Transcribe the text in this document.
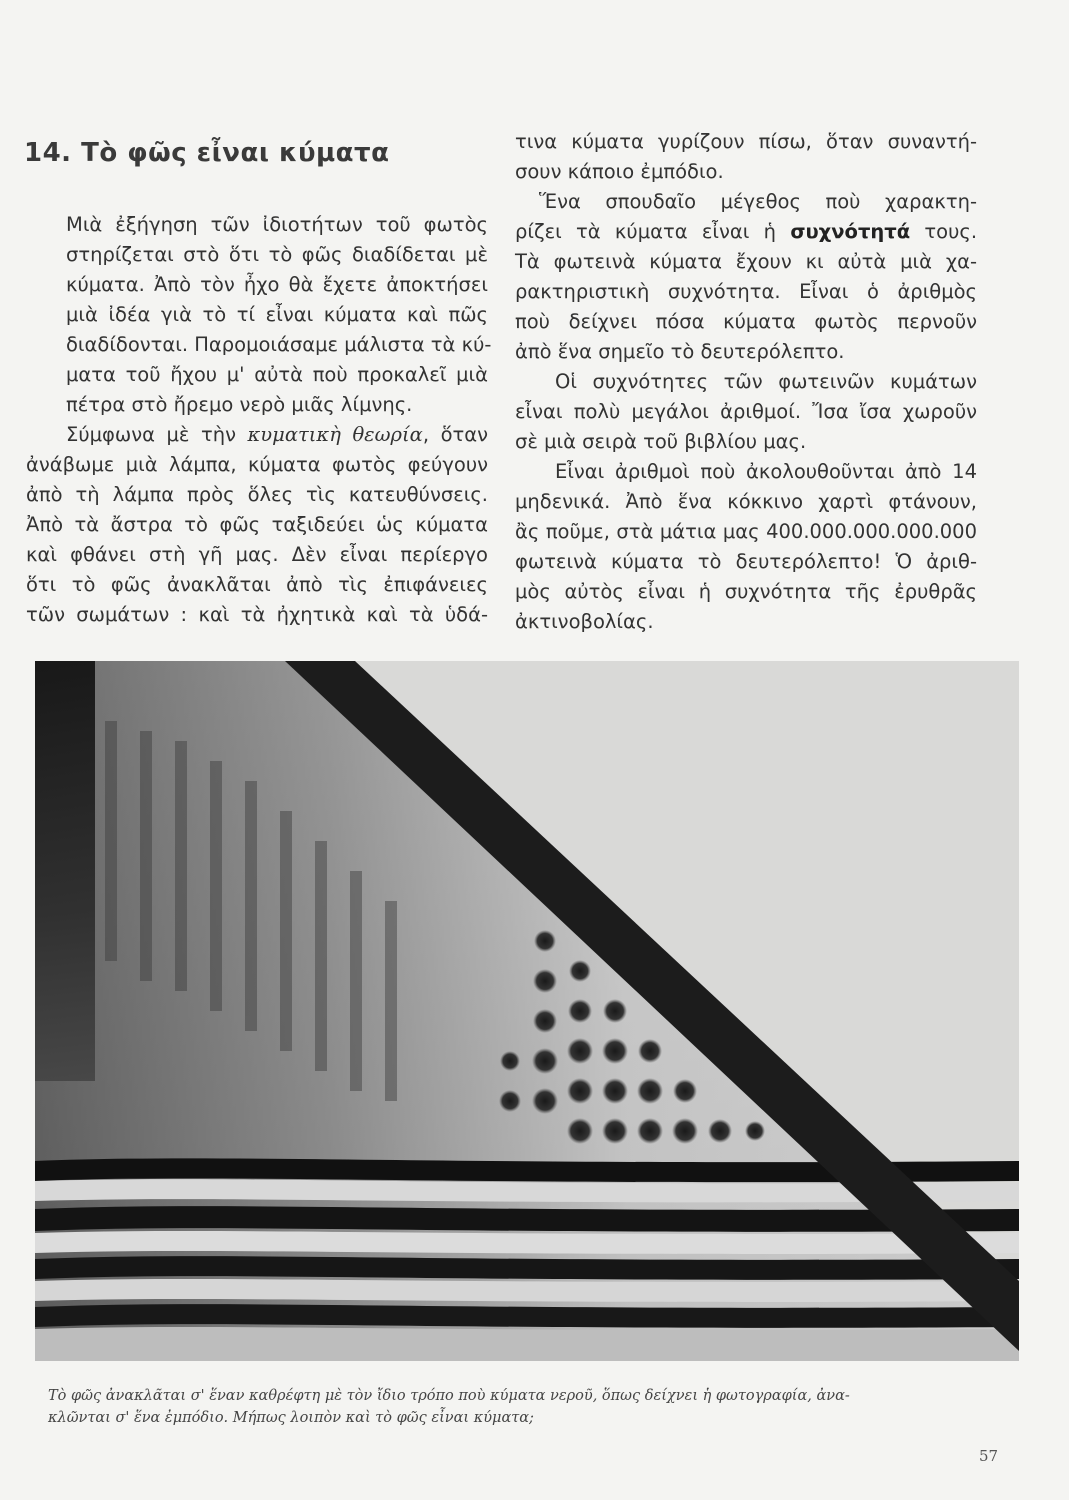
14. Τὸ φῶς εἶναι κύματα

Μιὰ ἐξήγηση τῶν ἰδιοτήτων τοῦ φωτὸς
στηρίζεται στὸ ὅτι τὸ φῶς διαδίδεται μὲ
κύματα. Ἀπὸ τὸν ἦχο θὰ ἔχετε ἀποκτήσει
μιὰ ἰδέα γιὰ τὸ τί εἶναι κύματα καὶ πῶς
διαδίδονται. Παρομοιάσαμε μάλιστα τὰ κύ-
ματα τοῦ ἤχου μ' αὐτὰ ποὺ προκαλεῖ μιὰ
πέτρα στὸ ἤρεμο νερὸ μιᾶς λίμνης.

Σύμφωνα μὲ τὴν κυματικὴ θεωρία, ὅταν
ἀνάβωμε μιὰ λάμπα, κύματα φωτὸς φεύγουν
ἀπὸ τὴ λάμπα πρὸς ὅλες τὶς κατευθύνσεις.
Ἀπὸ τὰ ἄστρα τὸ φῶς ταξιδεύει ὡς κύματα
καὶ φθάνει στὴ γῆ μας. Δὲν εἶναι περίεργο
ὅτι τὸ φῶς ἀνακλᾶται ἀπὸ τὶς ἐπιφάνειες
τῶν σωμάτων : καὶ τὰ ἠχητικὰ καὶ τὰ ὑδά-

τινα κύματα γυρίζουν πίσω, ὅταν συναντή-
σουν κάποιο ἐμπόδιο.

Ἕνα σπουδαῖο μέγεθος ποὺ χαρακτη-
ρίζει τὰ κύματα εἶναι ἡ συχνότητά τους.
Τὰ φωτεινὰ κύματα ἔχουν κι αὐτὰ μιὰ χα-
ρακτηριστικὴ συχνότητα. Εἶναι ὁ ἀριθμὸς
ποὺ δείχνει πόσα κύματα φωτὸς περνοῦν
ἀπὸ ἕνα σημεῖο τὸ δευτερόλεπτο.

Οἱ συχνότητες τῶν φωτεινῶν κυμάτων
εἶναι πολὺ μεγάλοι ἀριθμοί. Ἴσα ἴσα χωροῦν
σὲ μιὰ σειρὰ τοῦ βιβλίου μας.

Εἶναι ἀριθμοὶ ποὺ ἀκολουθοῦνται ἀπὸ 14
μηδενικά. Ἀπὸ ἕνα κόκκινο χαρτὶ φτάνουν,
ἂς ποῦμε, στὰ μάτια μας 400.000.000.000.000
φωτεινὰ κύματα τὸ δευτερόλεπτο! Ὁ ἀριθ-
μὸς αὐτὸς εἶναι ἡ συχνότητα τῆς ἐρυθρᾶς
ἀκτινοβολίας.

Τὸ φῶς ἀνακλᾶται σ' ἕναν καθρέφτη μὲ τὸν ἴδιο τρόπο ποὺ κύματα νεροῦ, ὅπως δείχνει ἡ φωτογραφία, ἀνα-
κλῶνται σ' ἕνα ἐμπόδιο. Μήπως λοιπὸν καὶ τὸ φῶς εἶναι κύματα;
57
